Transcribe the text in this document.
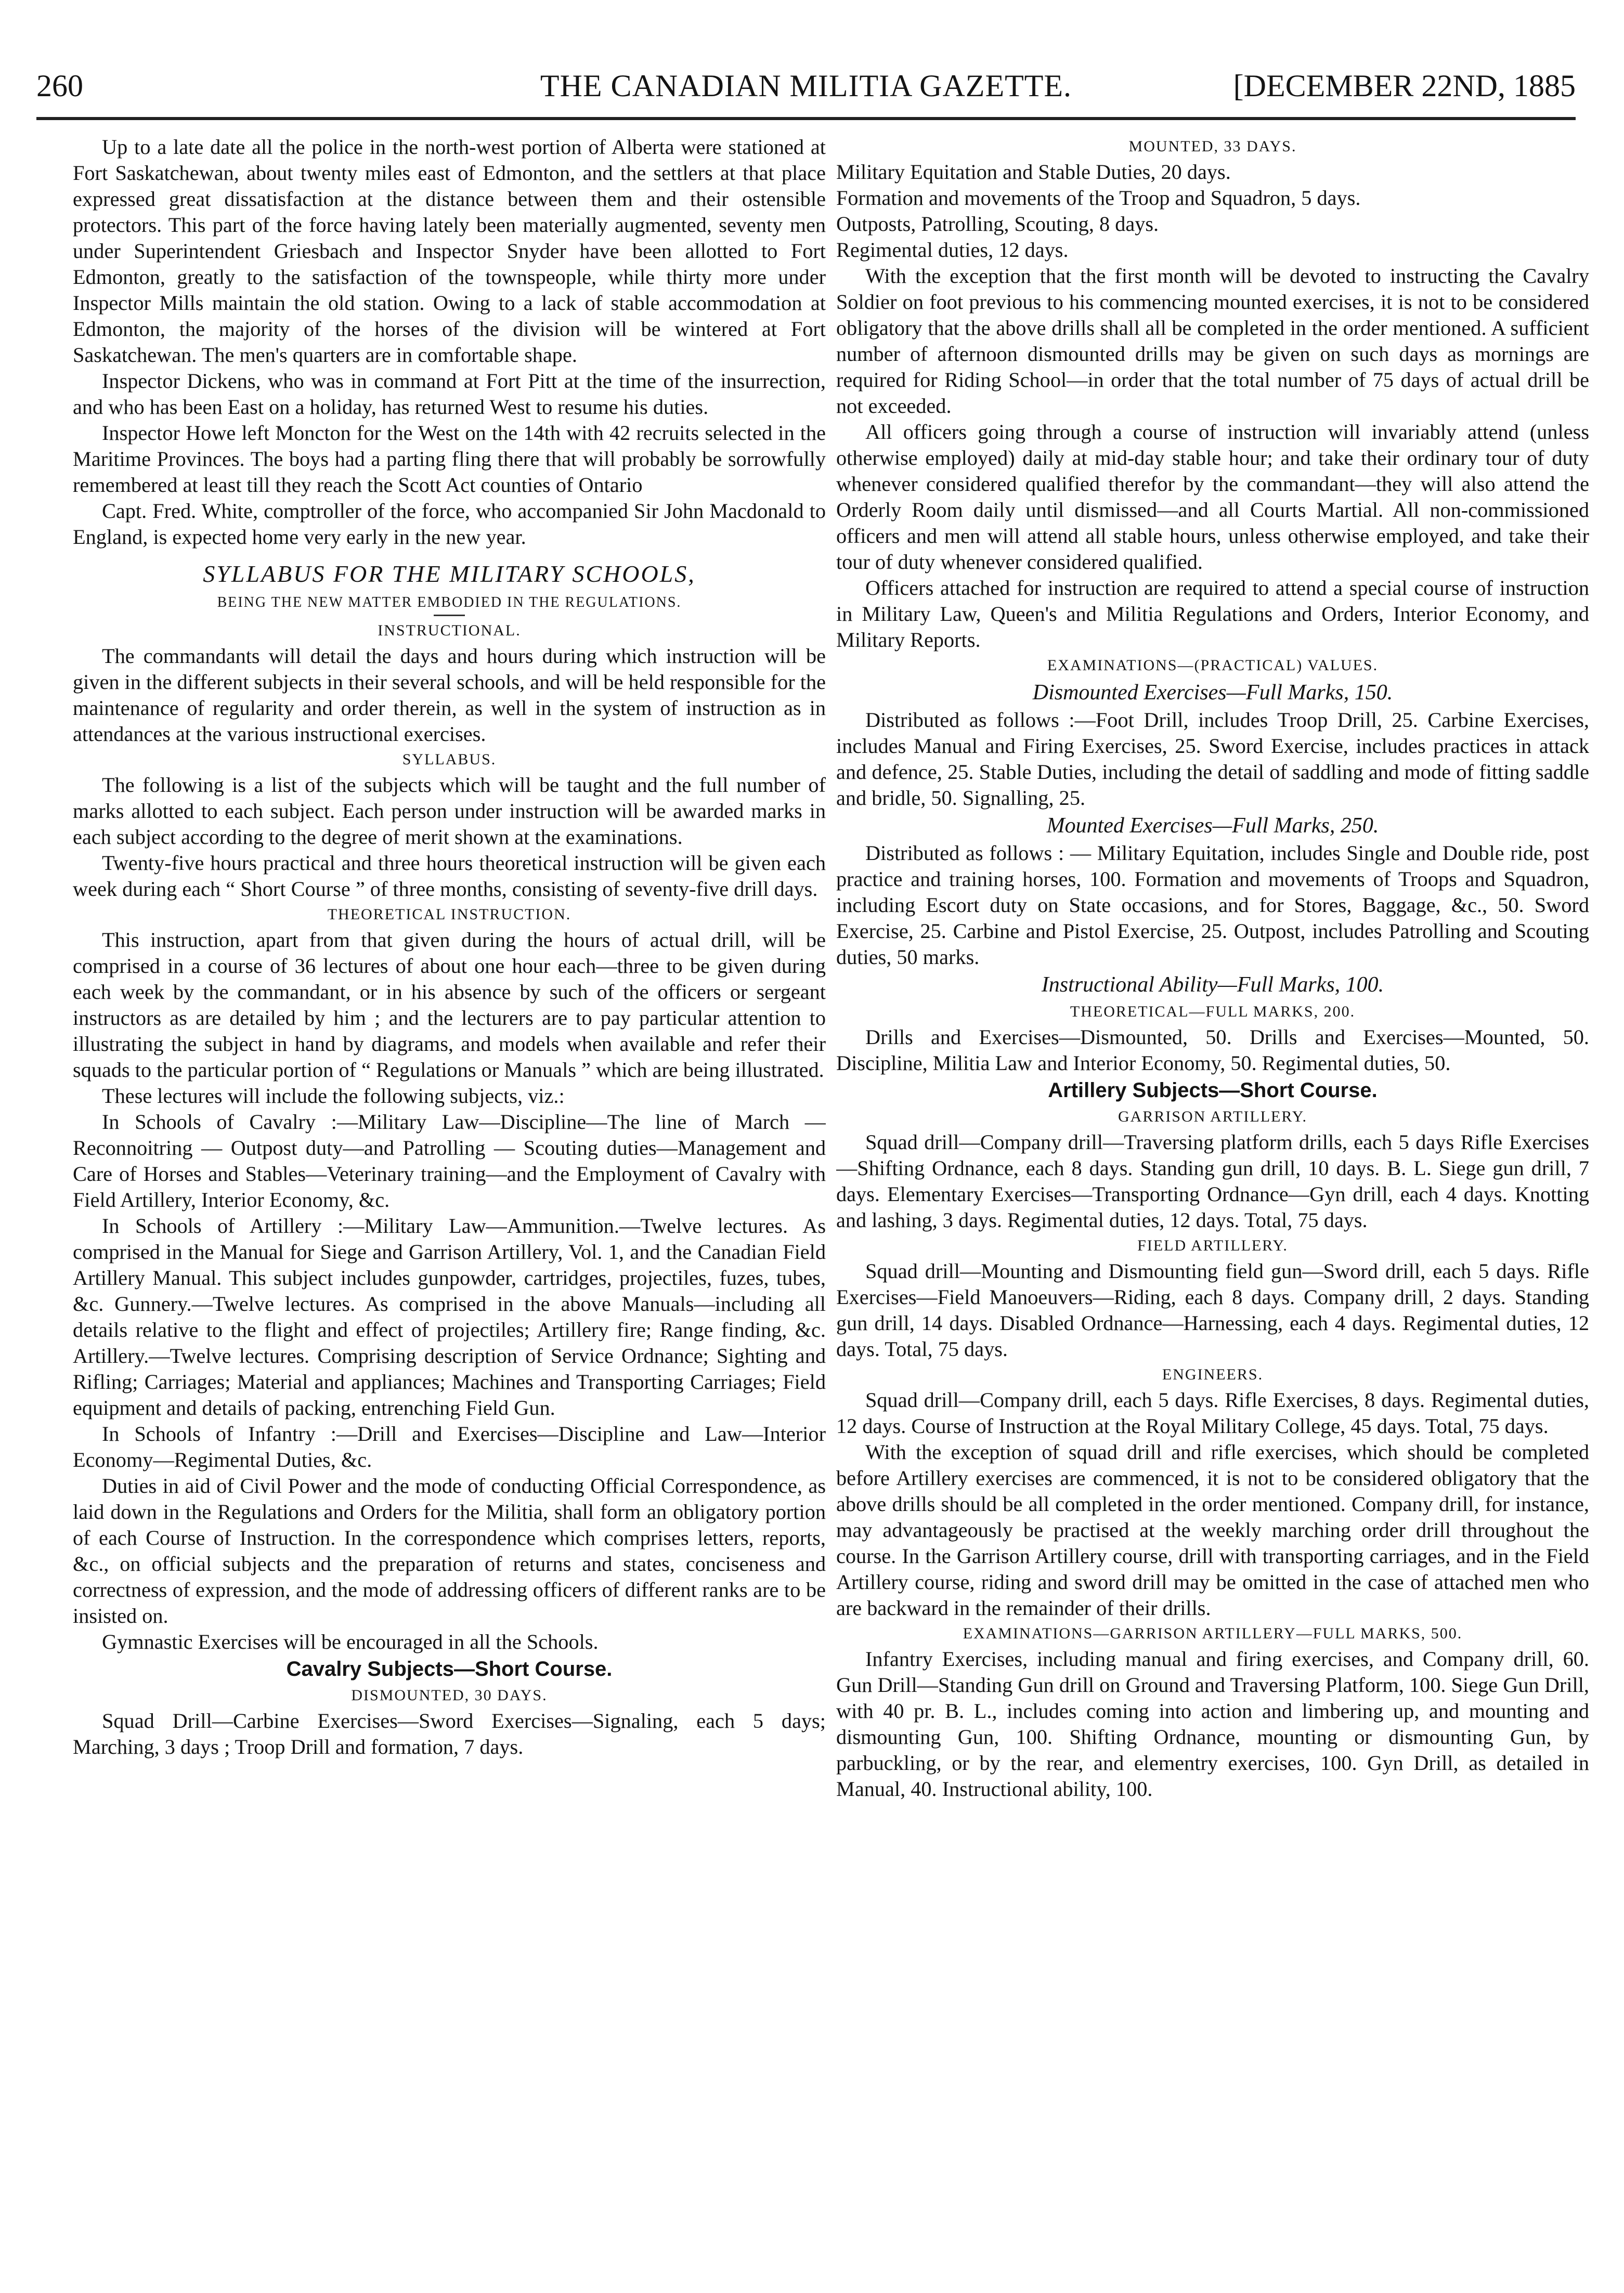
260	THE CANADIAN MILITIA GAZETTE.	[DECEMBER 22ND, 1885

Up to a late date all the police in the north-west portion of Alberta were stationed at Fort Saskatchewan, about twenty miles east of Edmonton, and the settlers at that place expressed great dissatisfaction at the distance between them and their ostensible protectors. This part of the force having lately been materially augmented, seventy men under Superintendent Griesbach and Inspector Snyder have been allotted to Fort Edmonton, greatly to the satisfaction of the townspeople, while thirty more under Inspector Mills maintain the old station. Owing to a lack of stable accommodation at Edmonton, the majority of the horses of the division will be wintered at Fort Saskatchewan. The men's quarters are in comfortable shape.

Inspector Dickens, who was in command at Fort Pitt at the time of the insurrection, and who has been East on a holiday, has returned West to resume his duties.

Inspector Howe left Moncton for the West on the 14th with 42 recruits selected in the Maritime Provinces. The boys had a parting fling there that will probably be sorrowfully remembered at least till they reach the Scott Act counties of Ontario

Capt. Fred. White, comptroller of the force, who accompanied Sir John Macdonald to England, is expected home very early in the new year.

SYLLABUS FOR THE MILITARY SCHOOLS,
BEING THE NEW MATTER EMBODIED IN THE REGULATIONS.
INSTRUCTIONAL.

The commandants will detail the days and hours during which instruction will be given in the different subjects in their several schools, and will be held responsible for the maintenance of regularity and order therein, as well in the system of instruction as in attendances at the various instructional exercises.

SYLLABUS.

The following is a list of the subjects which will be taught and the full number of marks allotted to each subject. Each person under instruction will be awarded marks in each subject according to the degree of merit shown at the examinations.

Twenty-five hours practical and three hours theoretical instruction will be given each week during each “ Short Course ” of three months, consisting of seventy-five drill days.

THEORETICAL INSTRUCTION.

This instruction, apart from that given during the hours of actual drill, will be comprised in a course of 36 lectures of about one hour each—three to be given during each week by the commandant, or in his absence by such of the officers or sergeant instructors as are detailed by him ; and the lecturers are to pay particular attention to illustrating the subject in hand by diagrams, and models when available and refer their squads to the particular portion of “ Regulations or Manuals ” which are being illustrated.

These lectures will include the following subjects, viz.:

In Schools of Cavalry :—Military Law—Discipline—The line of March — Reconnoitring — Outpost duty—and Patrolling — Scouting duties—Management and Care of Horses and Stables—Veterinary training—and the Employment of Cavalry with Field Artillery, Interior Economy, &c.

In Schools of Artillery :—Military Law—Ammunition.—Twelve lectures. As comprised in the Manual for Siege and Garrison Artillery, Vol. 1, and the Canadian Field Artillery Manual. This subject includes gunpowder, cartridges, projectiles, fuzes, tubes, &c. Gunnery.—Twelve lectures. As comprised in the above Manuals—including all details relative to the flight and effect of projectiles; Artillery fire; Range finding, &c. Artillery.—Twelve lectures. Comprising description of Service Ordnance; Sighting and Rifling; Carriages; Material and appliances; Machines and Transporting Carriages; Field equipment and details of packing, entrenching Field Gun.

In Schools of Infantry :—Drill and Exercises—Discipline and Law—Interior Economy—Regimental Duties, &c.

Duties in aid of Civil Power and the mode of conducting Official Correspondence, as laid down in the Regulations and Orders for the Militia, shall form an obligatory portion of each Course of Instruction. In the correspondence which comprises letters, reports, &c., on official subjects and the preparation of returns and states, conciseness and correctness of expression, and the mode of addressing officers of different ranks are to be insisted on.

Gymnastic Exercises will be encouraged in all the Schools.

Cavalry Subjects—Short Course.
DISMOUNTED, 30 DAYS.

Squad Drill—Carbine Exercises—Sword Exercises—Signaling, each 5 days; Marching, 3 days ; Troop Drill and formation, 7 days.

MOUNTED, 33 DAYS.

Military Equitation and Stable Duties, 20 days.

Formation and movements of the Troop and Squadron, 5 days.

Outposts, Patrolling, Scouting, 8 days.

Regimental duties, 12 days.

With the exception that the first month will be devoted to instructing the Cavalry Soldier on foot previous to his commencing mounted exercises, it is not to be considered obligatory that the above drills shall all be completed in the order mentioned. A sufficient number of afternoon dismounted drills may be given on such days as mornings are required for Riding School—in order that the total number of 75 days of actual drill be not exceeded.

All officers going through a course of instruction will invariably attend (unless otherwise employed) daily at mid-day stable hour; and take their ordinary tour of duty whenever considered qualified therefor by the commandant—they will also attend the Orderly Room daily until dismissed—and all Courts Martial. All non-commissioned officers and men will attend all stable hours, unless otherwise employed, and take their tour of duty whenever considered qualified.

Officers attached for instruction are required to attend a special course of instruction in Military Law, Queen's and Militia Regulations and Orders, Interior Economy, and Military Reports.

EXAMINATIONS—(PRACTICAL) VALUES.
Dismounted Exercises—Full Marks, 150.

Distributed as follows :—Foot Drill, includes Troop Drill, 25. Carbine Exercises, includes Manual and Firing Exercises, 25. Sword Exercise, includes practices in attack and defence, 25. Stable Duties, including the detail of saddling and mode of fitting saddle and bridle, 50. Signalling, 25.

Mounted Exercises—Full Marks, 250.

Distributed as follows : — Military Equitation, includes Single and Double ride, post practice and training horses, 100. Formation and movements of Troops and Squadron, including Escort duty on State occasions, and for Stores, Baggage, &c., 50. Sword Exercise, 25. Carbine and Pistol Exercise, 25. Outpost, includes Patrolling and Scouting duties, 50 marks.

Instructional Ability—Full Marks, 100.
THEORETICAL—FULL MARKS, 200.

Drills and Exercises—Dismounted, 50. Drills and Exercises—Mounted, 50. Discipline, Militia Law and Interior Economy, 50. Regimental duties, 50.

Artillery Subjects—Short Course.
GARRISON ARTILLERY.

Squad drill—Company drill—Traversing platform drills, each 5 days Rifle Exercises—Shifting Ordnance, each 8 days. Standing gun drill, 10 days. B. L. Siege gun drill, 7 days. Elementary Exercises—Transporting Ordnance—Gyn drill, each 4 days. Knotting and lashing, 3 days. Regimental duties, 12 days. Total, 75 days.

FIELD ARTILLERY.

Squad drill—Mounting and Dismounting field gun—Sword drill, each 5 days. Rifle Exercises—Field Manoeuvers—Riding, each 8 days. Company drill, 2 days. Standing gun drill, 14 days. Disabled Ordnance—Harnessing, each 4 days. Regimental duties, 12 days. Total, 75 days.

ENGINEERS.

Squad drill—Company drill, each 5 days. Rifle Exercises, 8 days. Regimental duties, 12 days. Course of Instruction at the Royal Military College, 45 days. Total, 75 days.

With the exception of squad drill and rifle exercises, which should be completed before Artillery exercises are commenced, it is not to be considered obligatory that the above drills should be all completed in the order mentioned. Company drill, for instance, may advantageously be practised at the weekly marching order drill throughout the course. In the Garrison Artillery course, drill with transporting carriages, and in the Field Artillery course, riding and sword drill may be omitted in the case of attached men who are backward in the remainder of their drills.

EXAMINATIONS—GARRISON ARTILLERY—FULL MARKS, 500.

Infantry Exercises, including manual and firing exercises, and Company drill, 60. Gun Drill—Standing Gun drill on Ground and Traversing Platform, 100. Siege Gun Drill, with 40 pr. B. L., includes coming into action and limbering up, and mounting and dismounting Gun, 100. Shifting Ordnance, mounting or dismounting Gun, by parbuckling, or by the rear, and elementry exercises, 100. Gyn Drill, as detailed in Manual, 40. Instructional ability, 100.
